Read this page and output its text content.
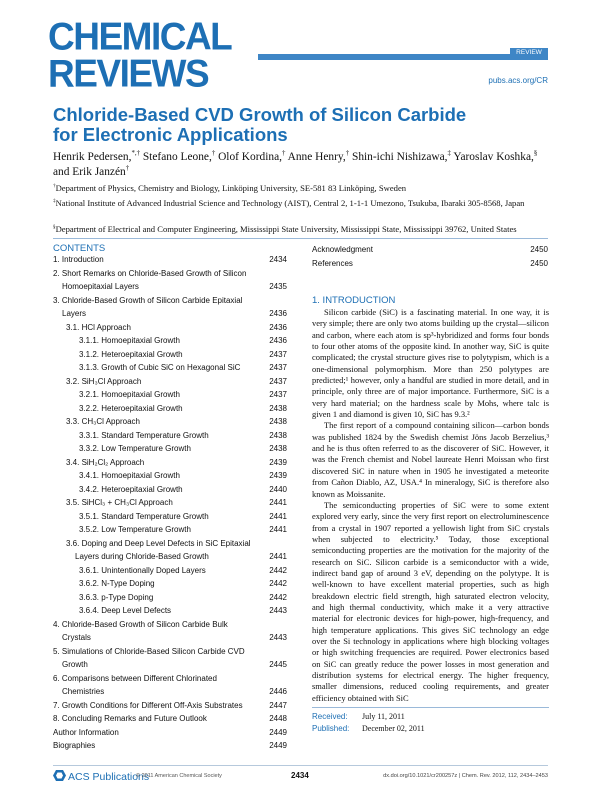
CHEMICAL
REVIEWS	REVIEW
pubs.acs.org/CR
Chloride-Based CVD Growth of Silicon Carbide
for Electronic Applications
Henrik Pedersen,*,† Stefano Leone,† Olof Kordina,† Anne Henry,† Shin-ichi Nishizawa,‡ Yaroslav Koshka,§ and Erik Janzén†
†Department of Physics, Chemistry and Biology, Linköping University, SE-581 83 Linköping, Sweden
‡National Institute of Advanced Industrial Science and Technology (AIST), Central 2, 1-1-1 Umezono, Tsukuba, Ibaraki 305-8568, Japan
§Department of Electrical and Computer Engineering, Mississippi State University, Mississippi State, Mississippi 39762, United States
CONTENTS
1. Introduction	2434
2. Short Remarks on Chloride-Based Growth of Silicon
Homoepitaxial Layers	2435
3. Chloride-Based Growth of Silicon Carbide Epitaxial
Layers	2436
3.1. HCl Approach	2436
3.1.1. Homoepitaxial Growth	2436
3.1.2. Heteroepitaxial Growth	2437
3.1.3. Growth of Cubic SiC on Hexagonal SiC	2437
3.2. SiH₃Cl Approach	2437
3.2.1. Homoepitaxial Growth	2437
3.2.2. Heteroepitaxial Growth	2438
3.3. CH₃Cl Approach	2438
3.3.1. Standard Temperature Growth	2438
3.3.2. Low Temperature Growth	2438
3.4. SiH₂Cl₂ Approach	2439
3.4.1. Homoepitaxial Growth	2439
3.4.2. Heteroepitaxial Growth	2440
3.5. SiHCl₃ + CH₃Cl Approach	2441
3.5.1. Standard Temperature Growth	2441
3.5.2. Low Temperature Growth	2441
3.6. Doping and Deep Level Defects in SiC Epitaxial
Layers during Chloride-Based Growth	2441
3.6.1. Unintentionally Doped Layers	2442
3.6.2. N-Type Doping	2442
3.6.3. p-Type Doping	2442
3.6.4. Deep Level Defects	2443
4. Chloride-Based Growth of Silicon Carbide Bulk
Crystals	2443
5. Simulations of Chloride-Based Silicon Carbide CVD
Growth	2445
6. Comparisons between Different Chlorinated
Chemistries	2446
7. Growth Conditions for Different Off-Axis Substrates	2447
8. Concluding Remarks and Future Outlook	2448
Author Information	2449
Biographies	2449
Acknowledgment	2450
References	2450
1. INTRODUCTION

Silicon carbide (SiC) is a fascinating material. In one way, it is very simple; there are only two atoms building up the crystal—silicon and carbon, where each atom is sp³-hybridized and forms four bonds to four other atoms of the opposite kind. In another way, SiC is quite complicated; the crystal structure gives rise to polytypism, which is a one-dimensional polymorphism. More than 250 polytypes are predicted;¹ however, only a handful are studied in more detail, and in principle, only three are of major importance. Furthermore, SiC is a very hard material; on the hardness scale by Mohs, where talc is given 1 and diamond is given 10, SiC has 9.3.²

The first report of a compound containing silicon—carbon bonds was published 1824 by the Swedish chemist Jöns Jacob Berzelius,³ and he is thus often referred to as the discoverer of SiC. However, it was the French chemist and Nobel laureate Henri Moissan who first discovered SiC in nature when in 1905 he investigated a meteorite from Cañon Diablo, AZ, USA.⁴ In mineralogy, SiC is therefore also known as Moissanite.

The semiconducting properties of SiC were to some extent explored very early, since the very first report on electroluminescence from a crystal in 1907 reported a yellowish light from SiC crystals when subjected to electricity.⁵ Today, those exceptional semiconducting properties are the motivation for the majority of the research on SiC. Silicon carbide is a semiconductor with a wide, indirect band gap of around 3 eV, depending on the polytype. It is well-known to have excellent material properties, such as high breakdown electric field strength, high saturated electron velocity, and high thermal conductivity, which make it a very attractive material for electronic devices for high-power, high-frequency, and high temperature applications. This gives SiC technology an edge over the Si technology in applications where high blocking voltages or high switching frequencies are required. Power electronics based on SiC can greatly reduce the power losses in most generation and distribution systems for electrical energy. The higher frequency, smaller dimensions, reduced cooling requirements, and greater efficiency obtained with SiC

Received: July 11, 2011
Published: December 02, 2011
ACS Publications
© 2011 American Chemical Society	2434	dx.doi.org/10.1021/cr200257z | Chem. Rev. 2012, 112, 2434–2453
